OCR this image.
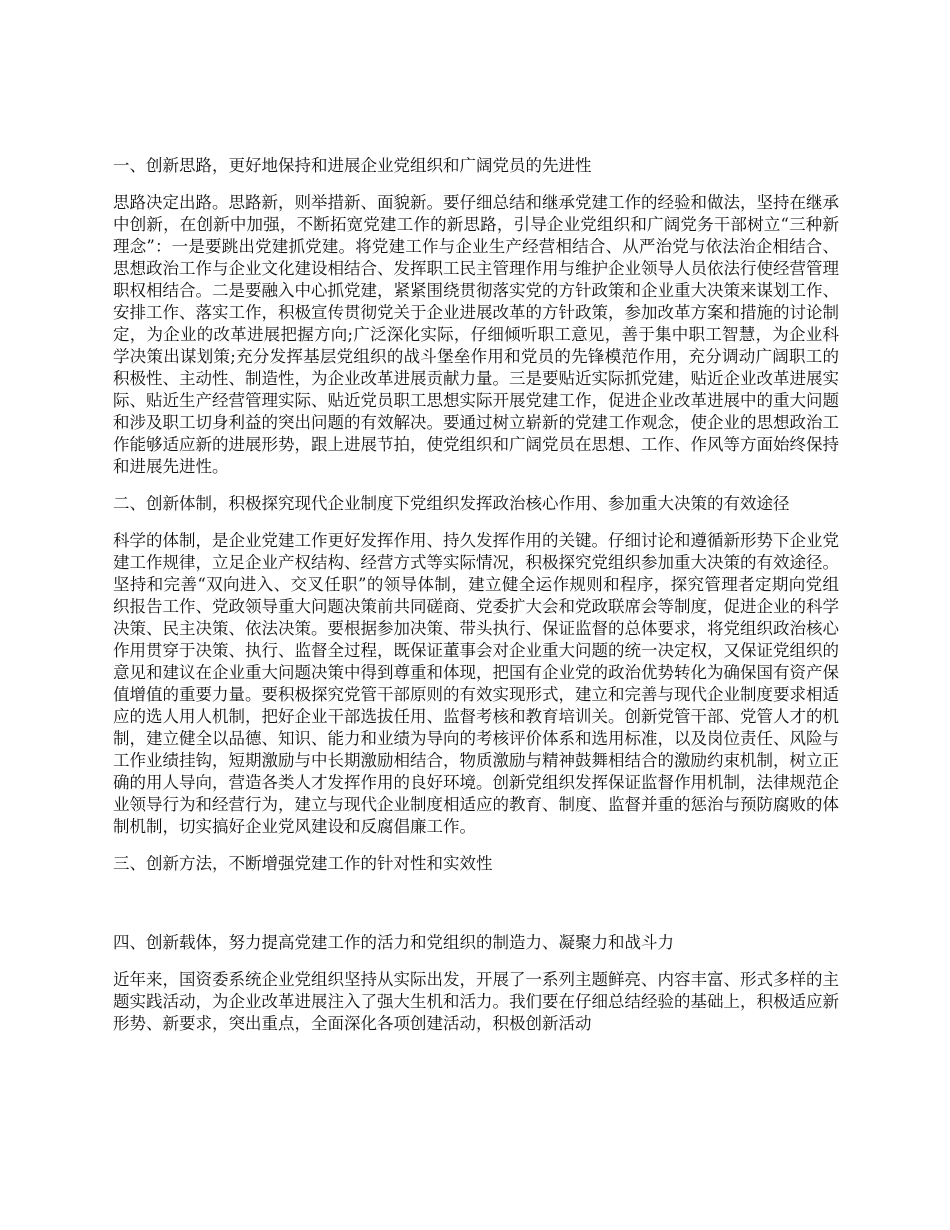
一、创新思路，更好地保持和进展企业党组织和广阔党员的先进性
思路决定出路。思路新，则举措新、面貌新。要仔细总结和继承党建工作的经验和做法，坚持在继承中创新，在创新中加强，不断拓宽党建工作的新思路，引导企业党组织和广阔党务干部树立“三种新理念”：一是要跳出党建抓党建。将党建工作与企业生产经营相结合、从严治党与依法治企相结合、思想政治工作与企业文化建设相结合、发挥职工民主管理作用与维护企业领导人员依法行使经营管理职权相结合。二是要融入中心抓党建，紧紧围绕贯彻落实党的方针政策和企业重大决策来谋划工作、安排工作、落实工作，积极宣传贯彻党关于企业进展改革的方针政策，参加改革方案和措施的讨论制定，为企业的改革进展把握方向;广泛深化实际，仔细倾听职工意见，善于集中职工智慧，为企业科学决策出谋划策;充分发挥基层党组织的战斗堡垒作用和党员的先锋模范作用，充分调动广阔职工的积极性、主动性、制造性，为企业改革进展贡献力量。三是要贴近实际抓党建，贴近企业改革进展实际、贴近生产经营管理实际、贴近党员职工思想实际开展党建工作，促进企业改革进展中的重大问题和涉及职工切身利益的突出问题的有效解决。要通过树立崭新的党建工作观念，使企业的思想政治工作能够适应新的进展形势，跟上进展节拍，使党组织和广阔党员在思想、工作、作风等方面始终保持和进展先进性。
二、创新体制，积极探究现代企业制度下党组织发挥政治核心作用、参加重大决策的有效途径
科学的体制，是企业党建工作更好发挥作用、持久发挥作用的关键。仔细讨论和遵循新形势下企业党建工作规律，立足企业产权结构、经营方式等实际情况，积极探究党组织参加重大决策的有效途径。坚持和完善“双向进入、交叉任职”的领导体制，建立健全运作规则和程序，探究管理者定期向党组织报告工作、党政领导重大问题决策前共同磋商、党委扩大会和党政联席会等制度，促进企业的科学决策、民主决策、依法决策。要根据参加决策、带头执行、保证监督的总体要求，将党组织政治核心作用贯穿于决策、执行、监督全过程，既保证董事会对企业重大问题的统一决定权，又保证党组织的意见和建议在企业重大问题决策中得到尊重和体现，把国有企业党的政治优势转化为确保国有资产保值增值的重要力量。要积极探究党管干部原则的有效实现形式，建立和完善与现代企业制度要求相适应的选人用人机制，把好企业干部选拔任用、监督考核和教育培训关。创新党管干部、党管人才的机制，建立健全以品德、知识、能力和业绩为导向的考核评价体系和选用标准，以及岗位责任、风险与工作业绩挂钩，短期激励与中长期激励相结合，物质激励与精神鼓舞相结合的激励约束机制，树立正确的用人导向，营造各类人才发挥作用的良好环境。创新党组织发挥保证监督作用机制，法律规范企业领导行为和经营行为，建立与现代企业制度相适应的教育、制度、监督并重的惩治与预防腐败的体制机制，切实搞好企业党风建设和反腐倡廉工作。
三、创新方法，不断增强党建工作的针对性和实效性
四、创新载体，努力提高党建工作的活力和党组织的制造力、凝聚力和战斗力
近年来，国资委系统企业党组织坚持从实际出发，开展了一系列主题鲜亮、内容丰富、形式多样的主题实践活动，为企业改革进展注入了强大生机和活力。我们要在仔细总结经验的基础上，积极适应新形势、新要求，突出重点，全面深化各项创建活动，积极创新活动
